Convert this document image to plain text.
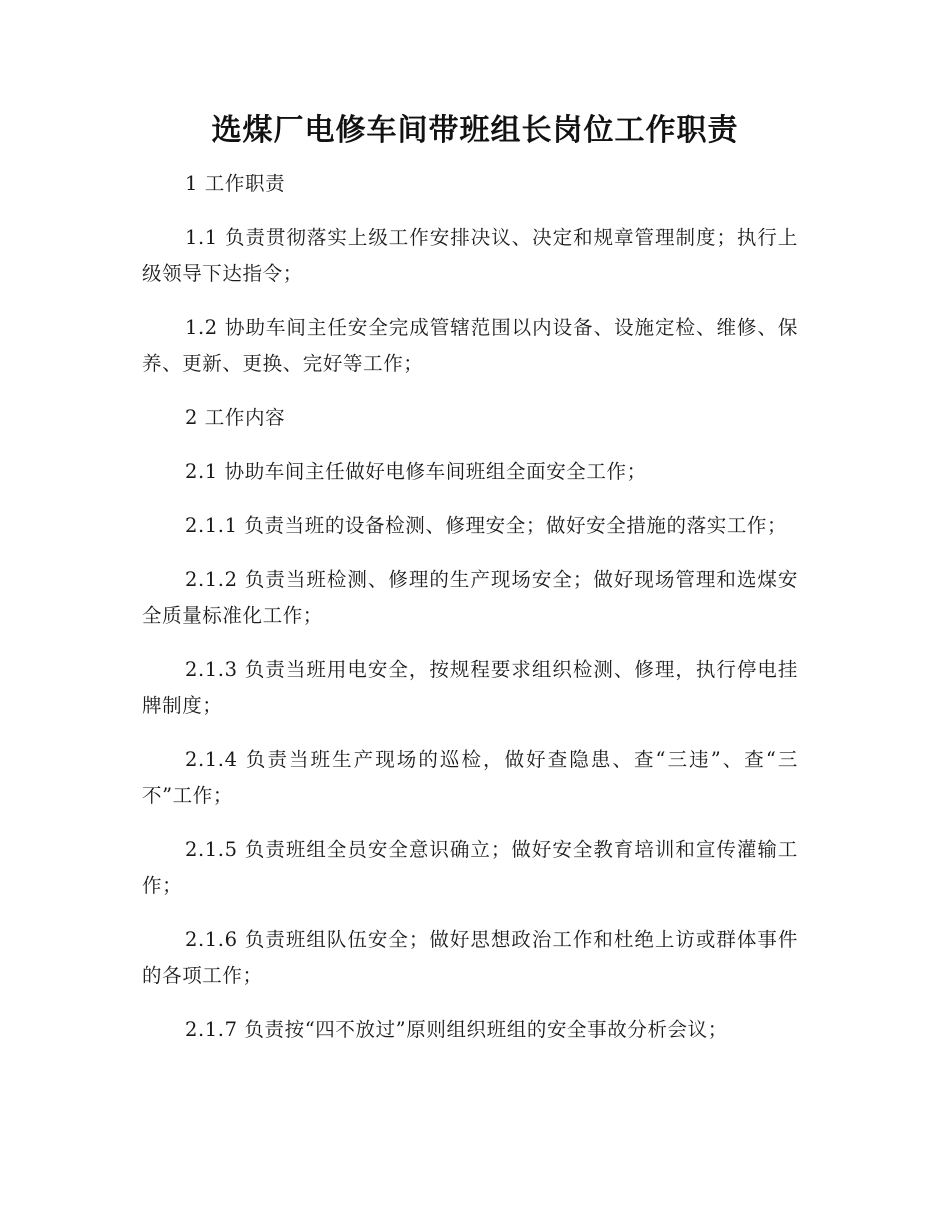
选煤厂电修车间带班组长岗位工作职责

1 工作职责

1.1 负责贯彻落实上级工作安排决议、决定和规章管理制度；执行上级领导下达指令；

1.2 协助车间主任安全完成管辖范围以内设备、设施定检、维修、保养、更新、更换、完好等工作；

2 工作内容

2.1 协助车间主任做好电修车间班组全面安全工作；

2.1.1 负责当班的设备检测、修理安全；做好安全措施的落实工作；

2.1.2 负责当班检测、修理的生产现场安全；做好现场管理和选煤安全质量标准化工作；

2.1.3 负责当班用电安全，按规程要求组织检测、修理，执行停电挂牌制度；

2.1.4 负责当班生产现场的巡检，做好查隐患、查“三违”、查“三不”工作；

2.1.5 负责班组全员安全意识确立；做好安全教育培训和宣传灌输工作；

2.1.6 负责班组队伍安全；做好思想政治工作和杜绝上访或群体事件的各项工作；

2.1.7 负责按“四不放过”原则组织班组的安全事故分析会议；
